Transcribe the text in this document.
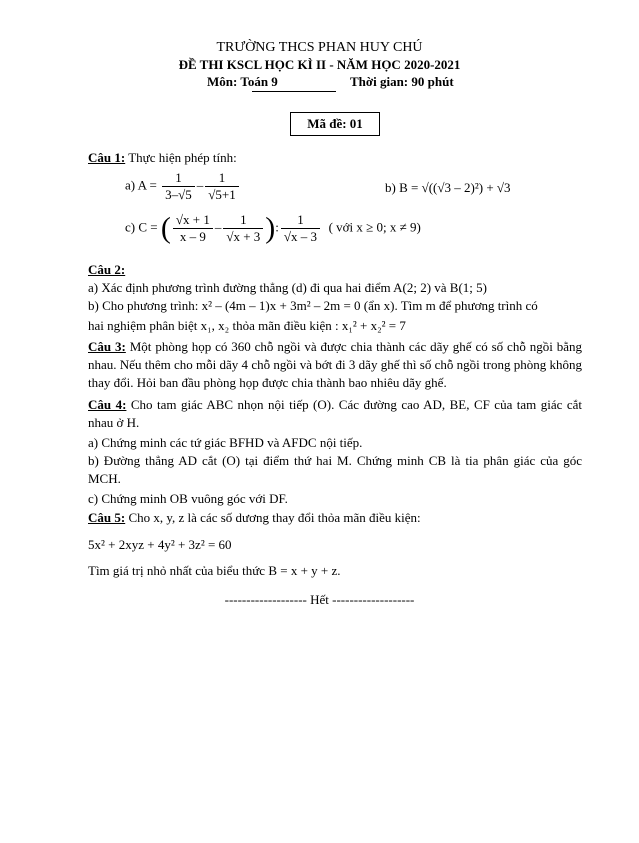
TRƯỜNG THCS PHAN HUY CHÚ
ĐỀ THI KSCL HỌC KÌ II - NĂM HỌC 2020-2021
Môn: Toán 9	Thời gian: 90 phút
Mã đề: 01
Câu 1: Thực hiện phép tính:
a) $A = \frac{1}{3-√5} - \frac{1}{√5+1}$	b) B = √((√3 – 2)²) + √3
c) C = ( $\frac{√x + 1}{x - 9} - \frac{1}{√x + 3}$ ): $\frac{1}{√x - 3}$ ( với x ≥ 0; x ≠ 9)
Câu 2:
a) Xác định phương trình đường thẳng (d) đi qua hai điểm A(2; 2) và B(1; 5)
b) Cho phương trình: x² – (4m – 1)x + 3m² – 2m = 0 (ẩn x). Tìm m để phương trình có
hai nghiệm phân biệt x₁, x₂ thỏa mãn điều kiện : x₁² + x₂² = 7
Câu 3: Một phòng họp có 360 chỗ ngồi và được chia thành các dãy ghế có số chỗ ngồi bằng nhau. Nếu thêm cho mỗi dãy 4 chỗ ngồi và bớt đi 3 dãy ghế thì số chỗ ngồi trong phòng không thay đổi. Hỏi ban đầu phòng họp được chia thành bao nhiêu dãy ghế.
Câu 4: Cho tam giác ABC nhọn nội tiếp (O). Các đường cao AD, BE, CF của tam giác cắt nhau ở H.
a) Chứng minh các tứ giác BFHD và AFDC nội tiếp.
b) Đường thẳng AD cắt (O) tại điểm thứ hai M. Chứng minh CB là tia phân giác của góc MCH.
c) Chứng minh OB vuông góc với DF.
Câu 5: Cho x, y, z là các số dương thay đổi thỏa mãn điều kiện:
5x² + 2xyz + 4y² + 3z² = 60
Tìm giá trị nhỏ nhất của biểu thức B = x + y + z.
------------------- Hết -------------------
